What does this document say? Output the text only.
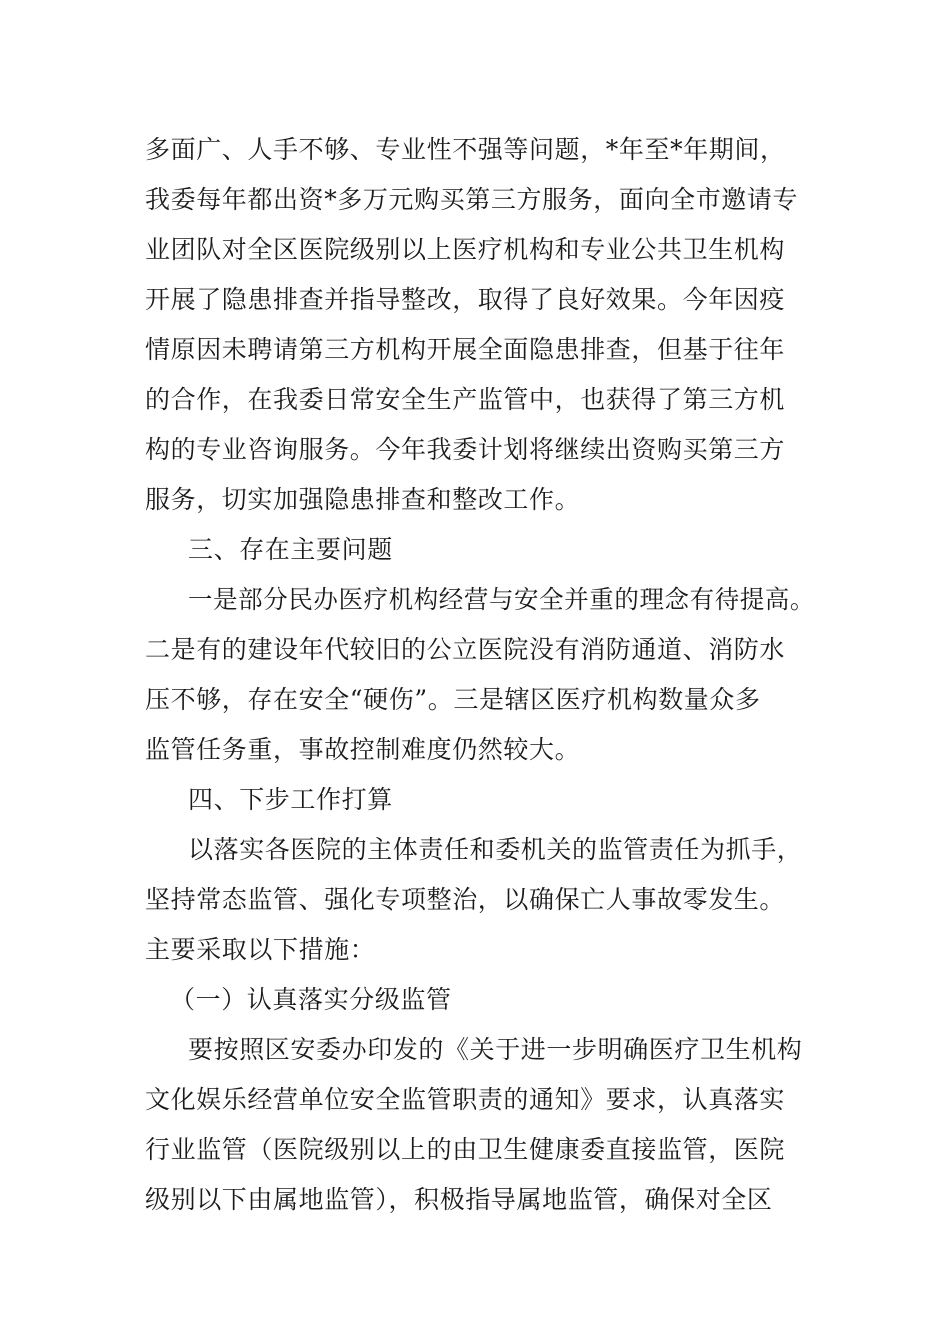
多面广、人手不够、专业性不强等问题，*年至*年期间，
我委每年都出资*多万元购买第三方服务，面向全市邀请专
业团队对全区医院级别以上医疗机构和专业公共卫生机构
开展了隐患排查并指导整改，取得了良好效果。今年因疫
情原因未聘请第三方机构开展全面隐患排查，但基于往年
的合作，在我委日常安全生产监管中，也获得了第三方机
构的专业咨询服务。今年我委计划将继续出资购买第三方
服务，切实加强隐患排查和整改工作。
三、存在主要问题
一是部分民办医疗机构经营与安全并重的理念有待提高。
二是有的建设年代较旧的公立医院没有消防通道、消防水
压不够，存在安全“硬伤”。三是辖区医疗机构数量众多
监管任务重，事故控制难度仍然较大。
四、下步工作打算
以落实各医院的主体责任和委机关的监管责任为抓手，
坚持常态监管、强化专项整治，以确保亡人事故零发生。
主要采取以下措施：
（一）认真落实分级监管
要按照区安委办印发的《关于进一步明确医疗卫生机构
文化娱乐经营单位安全监管职责的通知》要求，认真落实
行业监管（医院级别以上的由卫生健康委直接监管，医院
级别以下由属地监管），积极指导属地监管，确保对全区
